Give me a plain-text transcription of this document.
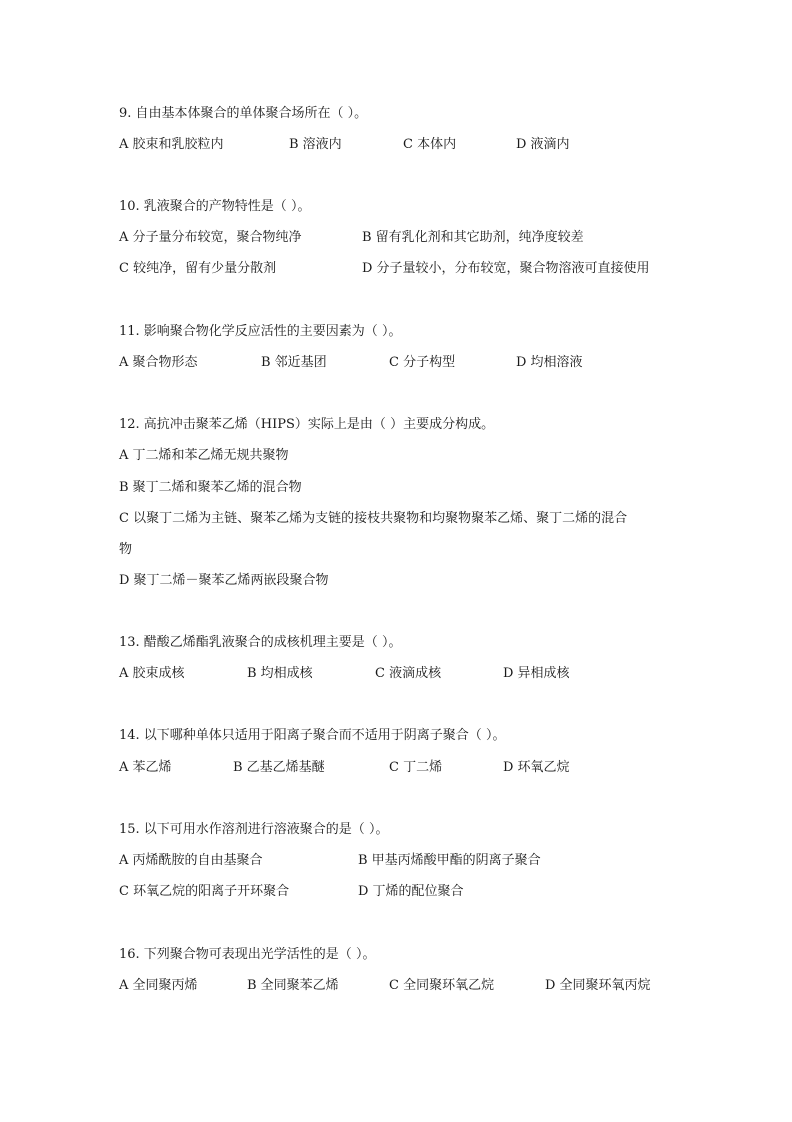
9. 自由基本体聚合的单体聚合场所在（ ）。
A 胶束和乳胶粒内	B 溶液内	C 本体内	D 液滴内
10. 乳液聚合的产物特性是（ ）。
A 分子量分布较宽，聚合物纯净	B 留有乳化剂和其它助剂，纯净度较差
C 较纯净，留有少量分散剂	D 分子量较小，分布较宽，聚合物溶液可直接使用
11. 影响聚合物化学反应活性的主要因素为（ ）。
A 聚合物形态	B 邻近基团	C 分子构型	D 均相溶液
12. 高抗冲击聚苯乙烯（HIPS）实际上是由（ ）主要成分构成。
A 丁二烯和苯乙烯无规共聚物
B 聚丁二烯和聚苯乙烯的混合物
C 以聚丁二烯为主链、聚苯乙烯为支链的接枝共聚物和均聚物聚苯乙烯、聚丁二烯的混合
物
D 聚丁二烯－聚苯乙烯两嵌段聚合物
13. 醋酸乙烯酯乳液聚合的成核机理主要是（ ）。
A 胶束成核	B 均相成核	C 液滴成核	D 异相成核
14. 以下哪种单体只适用于阳离子聚合而不适用于阴离子聚合（ ）。
A 苯乙烯	B 乙基乙烯基醚	C 丁二烯	D 环氧乙烷
15. 以下可用水作溶剂进行溶液聚合的是（ ）。
A 丙烯酰胺的自由基聚合	B 甲基丙烯酸甲酯的阴离子聚合
C 环氧乙烷的阳离子开环聚合	D 丁烯的配位聚合
16. 下列聚合物可表现出光学活性的是（ ）。
A 全同聚丙烯	B 全同聚苯乙烯	C 全同聚环氧乙烷	D 全同聚环氧丙烷
